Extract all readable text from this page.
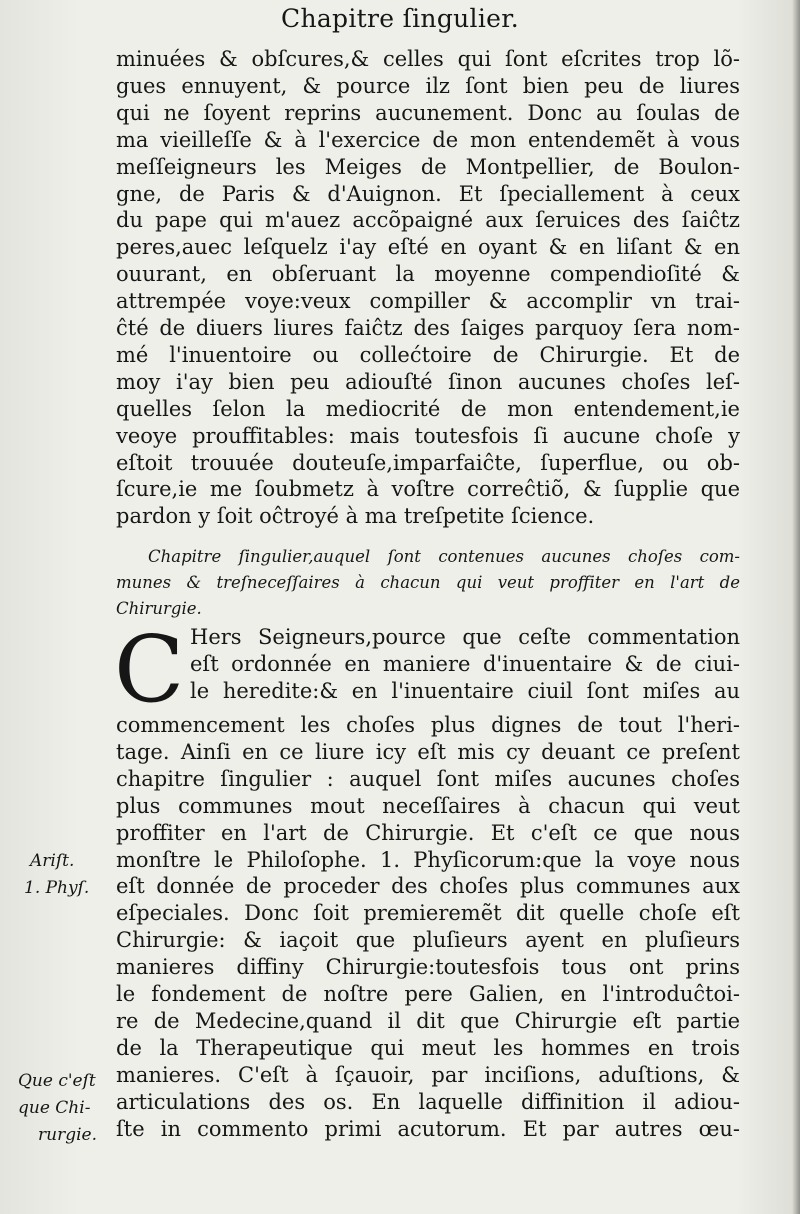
Chapitre ſingulier.
minuées & obſcures,& celles qui ſont eſcrites trop lõ-
gues ennuyent, & pource ilz ſont bien peu de liures
qui ne ſoyent reprins aucunement. Donc au ſoulas de
ma vieilleſſe & à l'exercice de mon entendemẽt à vous
meſſeigneurs les Meiges de Montpellier, de Boulon-
gne, de Paris & d'Auignon. Et ſpeciallement à ceux
du pape qui m'auez accõpaigné aux ſeruices des ſaiĉtz
peres,auec leſquelz i'ay eſté en oyant & en liſant & en
ouurant, en obſeruant la moyenne compendioſité &
attrempée voye:veux compiller & accomplir vn trai-
ĉté de diuers liures faiĉtz des ſaiges parquoy ſera nom-
mé l'inuentoire ou collećtoire de Chirurgie. Et de
moy i'ay bien peu adiouſté ſinon aucunes choſes leſ-
quelles ſelon la mediocrité de mon entendement,ie
veoye prouffitables: mais toutesfois ſi aucune choſe y
eſtoit trouuée douteuſe,imparfaiĉte, ſuperflue, ou ob-
ſcure,ie me ſoubmetz à voſtre correĉtiõ, & ſupplie que
pardon y ſoit oĉtroyé à ma treſpetite ſcience.
Chapitre ſingulier,auquel ſont contenues aucunes choſes com-
munes & treſneceſſaires à chacun qui veut proffiter en l'art de
Chirurgie.
C Hers Seigneurs,pource que ceſte commentation
eſt ordonnée en maniere d'inuentaire & de ciui-
le heredite:& en l'inuentaire ciuil ſont miſes au
commencement les choſes plus dignes de tout l'heri-
tage. Ainſi en ce liure icy eſt mis cy deuant ce preſent
chapitre ſingulier : auquel ſont miſes aucunes choſes
plus communes mout neceſſaires à chacun qui veut
proffiter en l'art de Chirurgie. Et c'eſt ce que nous
monſtre le Philoſophe. 1. Phyſicorum:que la voye nous
eſt donnée de proceder des choſes plus communes aux
eſpeciales. Donc ſoit premieremẽt dit quelle choſe eſt
Chirurgie: & iaçoit que pluſieurs ayent en pluſieurs
manieres diffiny Chirurgie:toutesfois tous ont prins
le fondement de noſtre pere Galien, en l'introduĉtoi-
re de Medecine,quand il dit que Chirurgie eſt partie
de la Therapeutique qui meut les hommes en trois
manieres. C'eſt à ſçauoir, par inciſions, aduſtions, &
articulations des os. En laquelle diffinition il adiou-
ſte in commento primi acutorum. Et par autres œu-
Ariſt.
1. Phyſ.
Que c'eſt
que Chi-
rurgie.
